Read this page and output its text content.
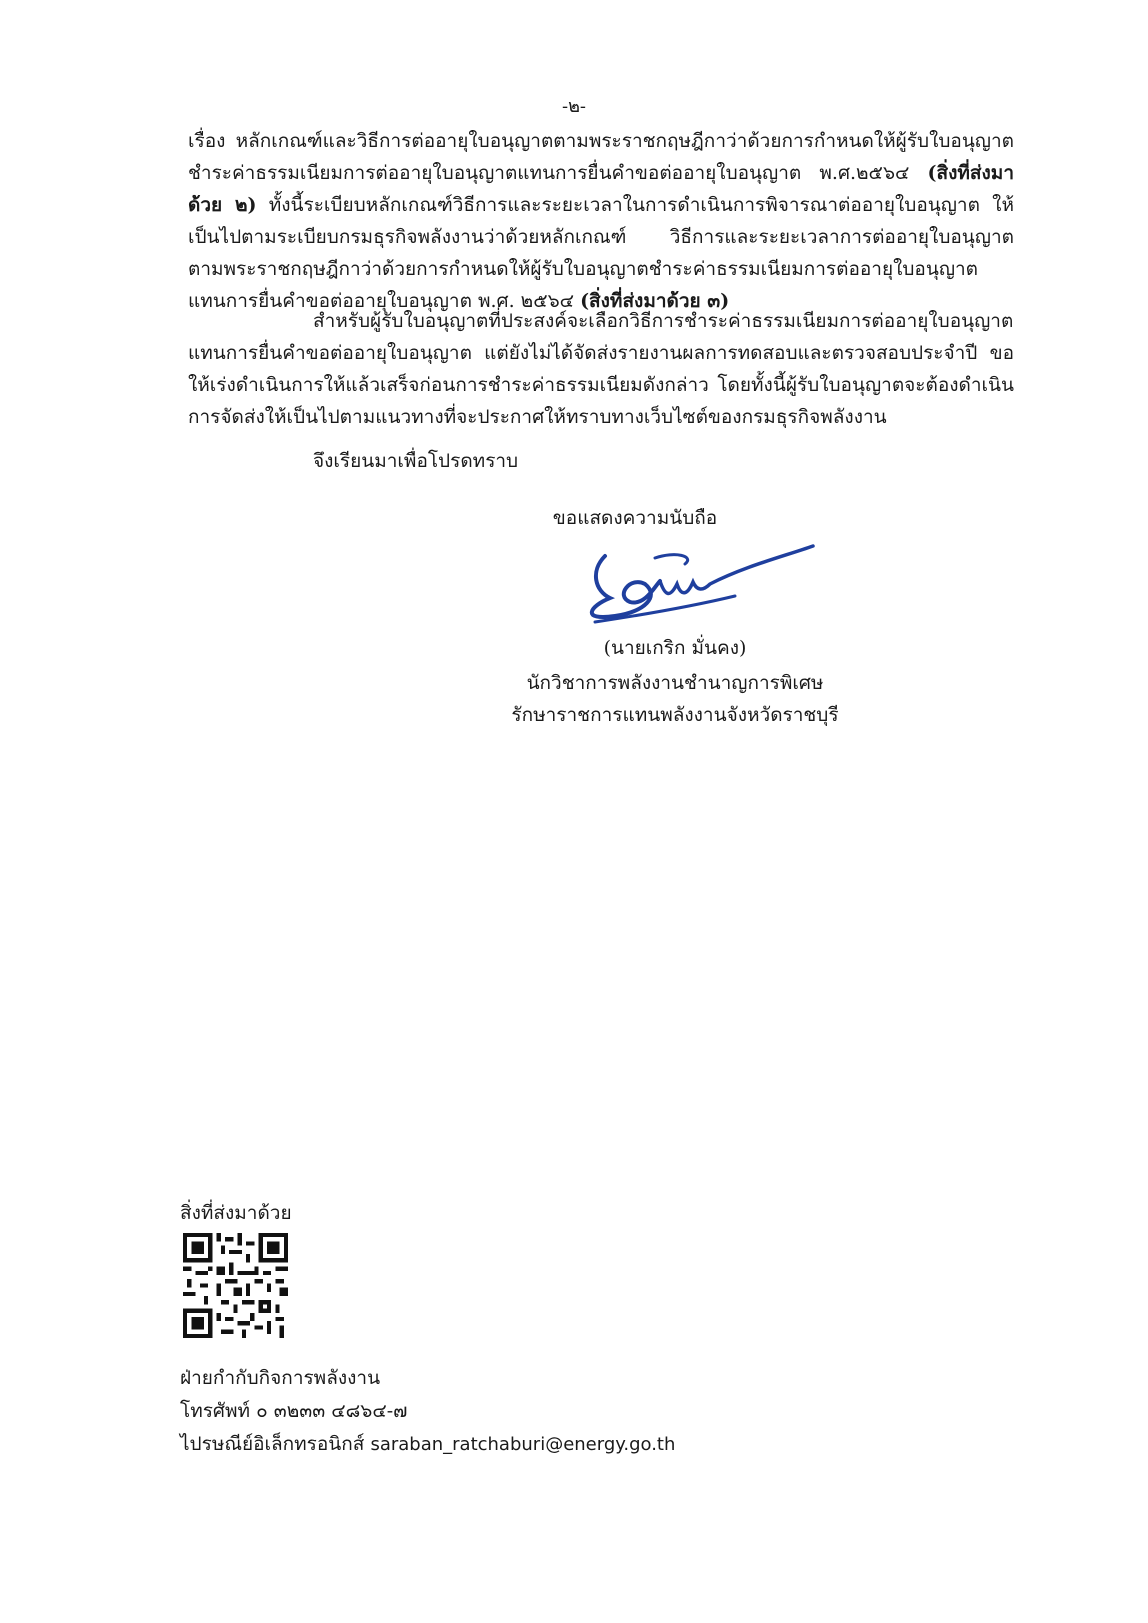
-๒-
เรื่อง หลักเกณฑ์และวิธีการต่ออายุใบอนุญาตตามพระราชกฤษฎีกาว่าด้วยการกำหนดให้ผู้รับใบอนุญาตชำระค่าธรรมเนียมการต่ออายุใบอนุญาตแทนการยื่นคำขอต่ออายุใบอนุญาต พ.ศ.๒๕๖๔ (สิ่งที่ส่งมาด้วย ๒) ทั้งนี้ระเบียบหลักเกณฑ์วิธีการและระยะเวลาในการดำเนินการพิจารณาต่ออายุใบอนุญาต ให้เป็นไปตามระเบียบกรมธุรกิจพลังงานว่าด้วยหลักเกณฑ์ วิธีการและระยะเวลาการต่ออายุใบอนุญาตตามพระราชกฤษฎีกาว่าด้วยการกำหนดให้ผู้รับใบอนุญาตชำระค่าธรรมเนียมการต่ออายุใบอนุญาตแทนการยื่นคำขอต่ออายุใบอนุญาต พ.ศ. ๒๕๖๔ (สิ่งที่ส่งมาด้วย ๓)
สำหรับผู้รับใบอนุญาตที่ประสงค์จะเลือกวิธีการชำระค่าธรรมเนียมการต่ออายุใบอนุญาตแทนการยื่นคำขอต่ออายุใบอนุญาต แต่ยังไม่ได้จัดส่งรายงานผลการทดสอบและตรวจสอบประจำปี ขอให้เร่งดำเนินการให้แล้วเสร็จก่อนการชำระค่าธรรมเนียมดังกล่าว โดยทั้งนี้ผู้รับใบอนุญาตจะต้องดำเนินการจัดส่งให้เป็นไปตามแนวทางที่จะประกาศให้ทราบทางเว็บไซต์ของกรมธุรกิจพลังงาน
จึงเรียนมาเพื่อโปรดทราบ
ขอแสดงความนับถือ
(นายเกริก มั่นคง)
นักวิชาการพลังงานชำนาญการพิเศษ
รักษาราชการแทนพลังงานจังหวัดราชบุรี
สิ่งที่ส่งมาด้วย
ฝ่ายกำกับกิจการพลังงาน
โทรศัพท์ ๐ ๓๒๓๓ ๔๘๖๔-๗
ไปรษณีย์อิเล็กทรอนิกส์ saraban_ratchaburi@energy.go.th
